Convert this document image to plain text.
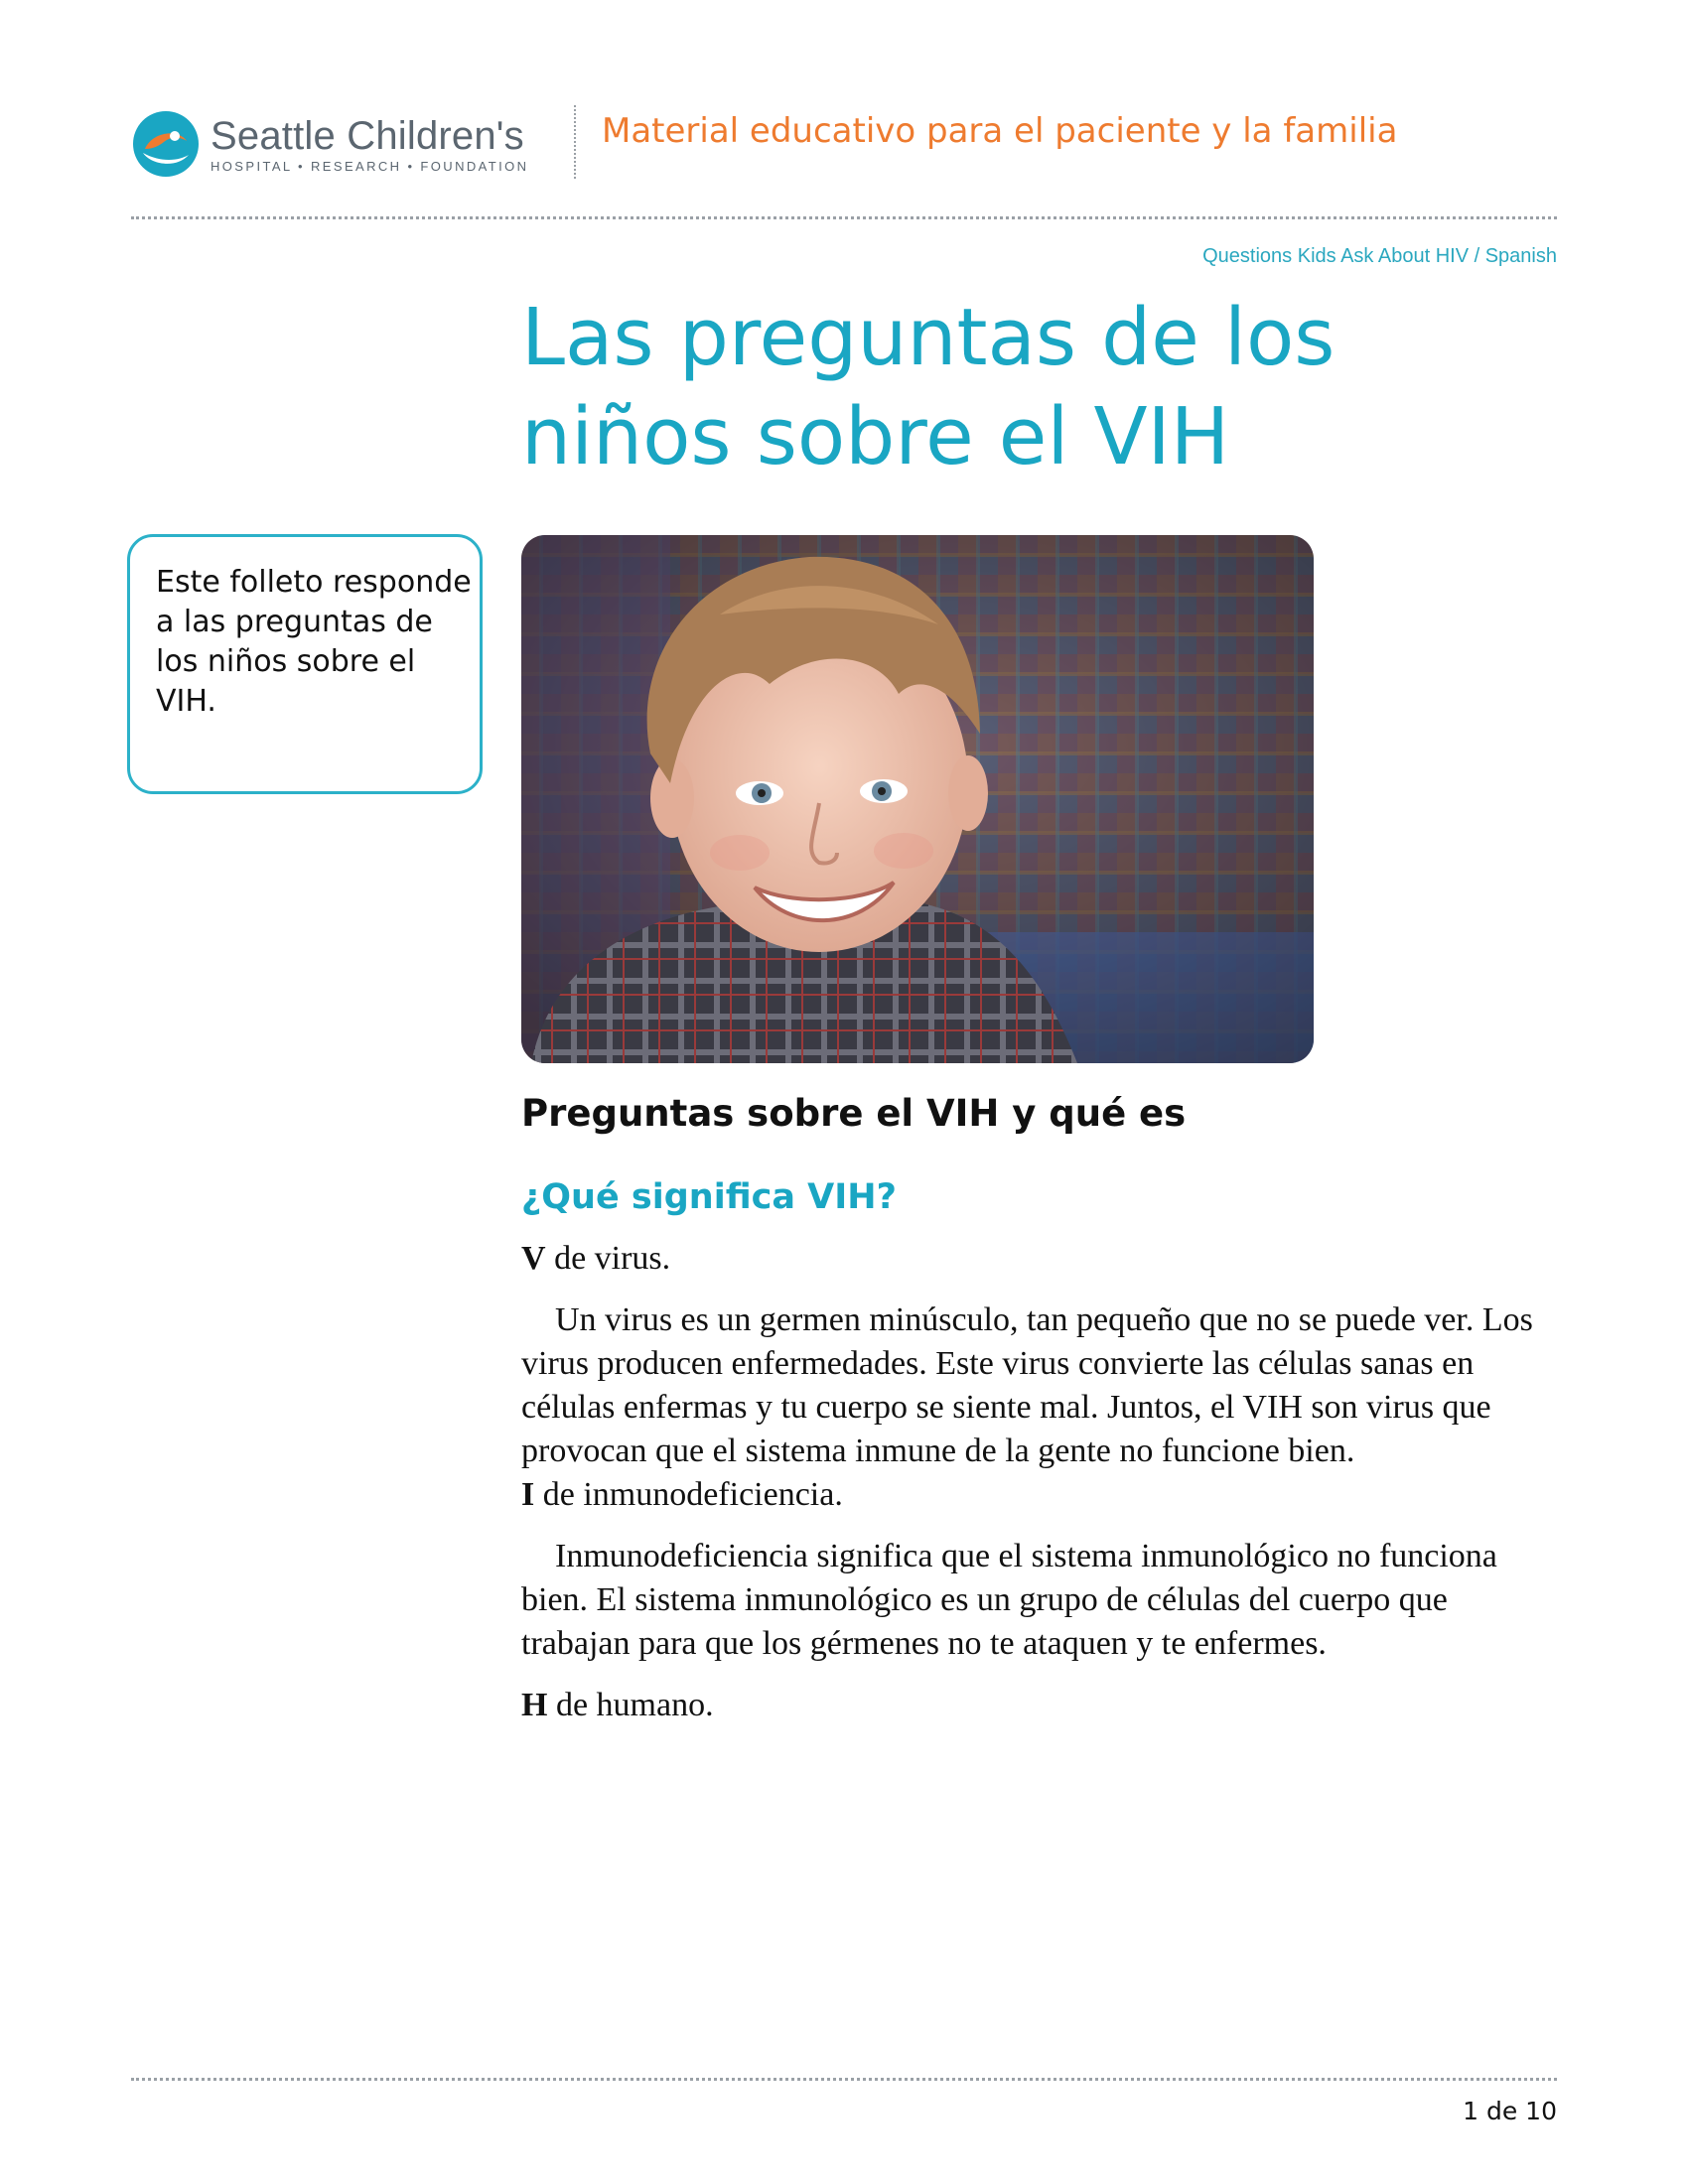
Seattle Children's
HOSPITAL • RESEARCH • FOUNDATION
Material educativo para el paciente y la familia
Questions Kids Ask About HIV / Spanish
Las preguntas de los
niños sobre el VIH
Este folleto responde a las preguntas de los niños sobre el VIH.
Preguntas sobre el VIH y qué es
¿Qué significa VIH?

V de virus.

Un virus es un germen minúsculo, tan pequeño que no se puede ver. Los virus producen enfermedades. Este virus convierte las células sanas en células enfermas y tu cuerpo se siente mal. Juntos, el VIH son virus que provocan que el sistema inmune de la gente no funcione bien.

I de inmunodeficiencia.

Inmunodeficiencia significa que el sistema inmunológico no funciona bien. El sistema inmunológico es un grupo de células del cuerpo que trabajan para que los gérmenes no te ataquen y te enfermes.

H de humano.

1 de 10
